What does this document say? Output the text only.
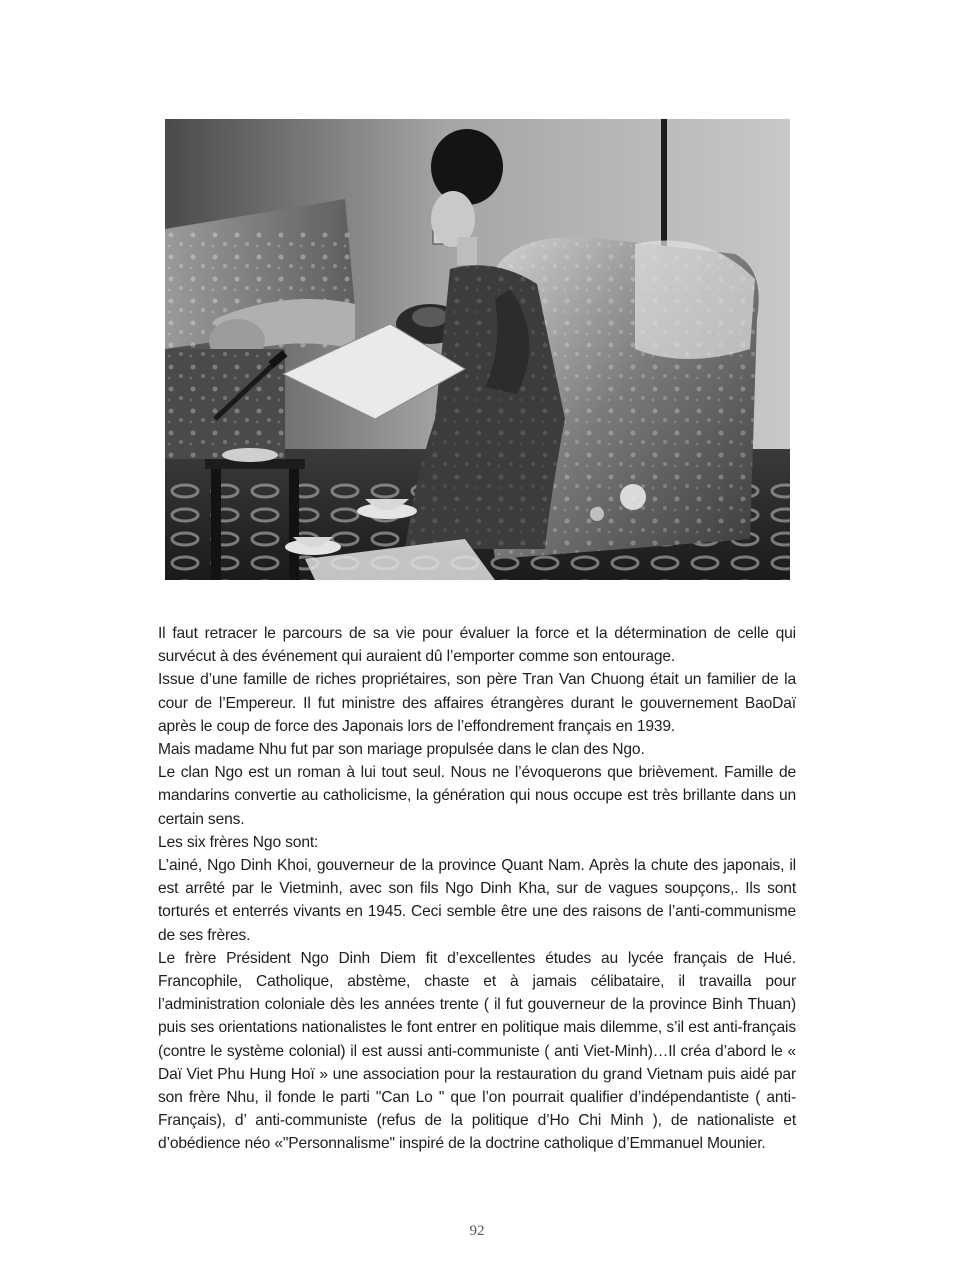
Il faut retracer le parcours de sa vie pour évaluer la force et la détermination de celle qui survécut à des événement qui auraient dû l’emporter comme son entourage.

Issue d’une famille de riches propriétaires, son père Tran Van Chuong était un familier de la cour de l’Empereur. Il fut ministre des affaires étrangères durant le gouvernement BaoDaï après le coup de force des Japonais lors de l’effondrement français en 1939.

Mais madame Nhu fut par son mariage propulsée dans le clan des Ngo.

Le clan Ngo est un roman à lui tout seul. Nous ne l’évoquerons que brièvement. Famille de mandarins convertie au catholicisme, la génération qui nous occupe est très brillante dans un certain sens.

Les six frères Ngo sont:

L’ainé, Ngo Dinh Khoi, gouverneur de la province Quant Nam. Après la chute des japonais, il est arrêté par le Vietminh, avec son fils Ngo Dinh Kha, sur de vagues soupçons,. Ils sont torturés et enterrés vivants en 1945. Ceci semble être une des raisons de l’anti-communisme de ses frères.

Le frère Président Ngo Dinh Diem fit d’excellentes études au lycée français de Hué. Francophile, Catholique, abstème, chaste et à jamais célibataire, il travailla pour l’administration coloniale dès les années trente ( il fut gouverneur de la province Binh Thuan) puis ses orientations nationalistes le font entrer en politique mais dilemme, s’il est anti-français (contre le système colonial) il est aussi anti-communiste ( anti Viet-Minh)…Il créa d’abord le « Daï Viet Phu Hung Hoï » une association pour la restauration du grand Vietnam puis aidé par son frère Nhu, il fonde le parti "Can Lo " que l’on pourrait qualifier d’indépendantiste ( anti-Français), d’ anti-communiste (refus de la politique d’Ho Chi Minh ), de nationaliste et d’obédience néo «"Personnalisme" inspiré de la doctrine catholique d’Emmanuel Mounier.

92
